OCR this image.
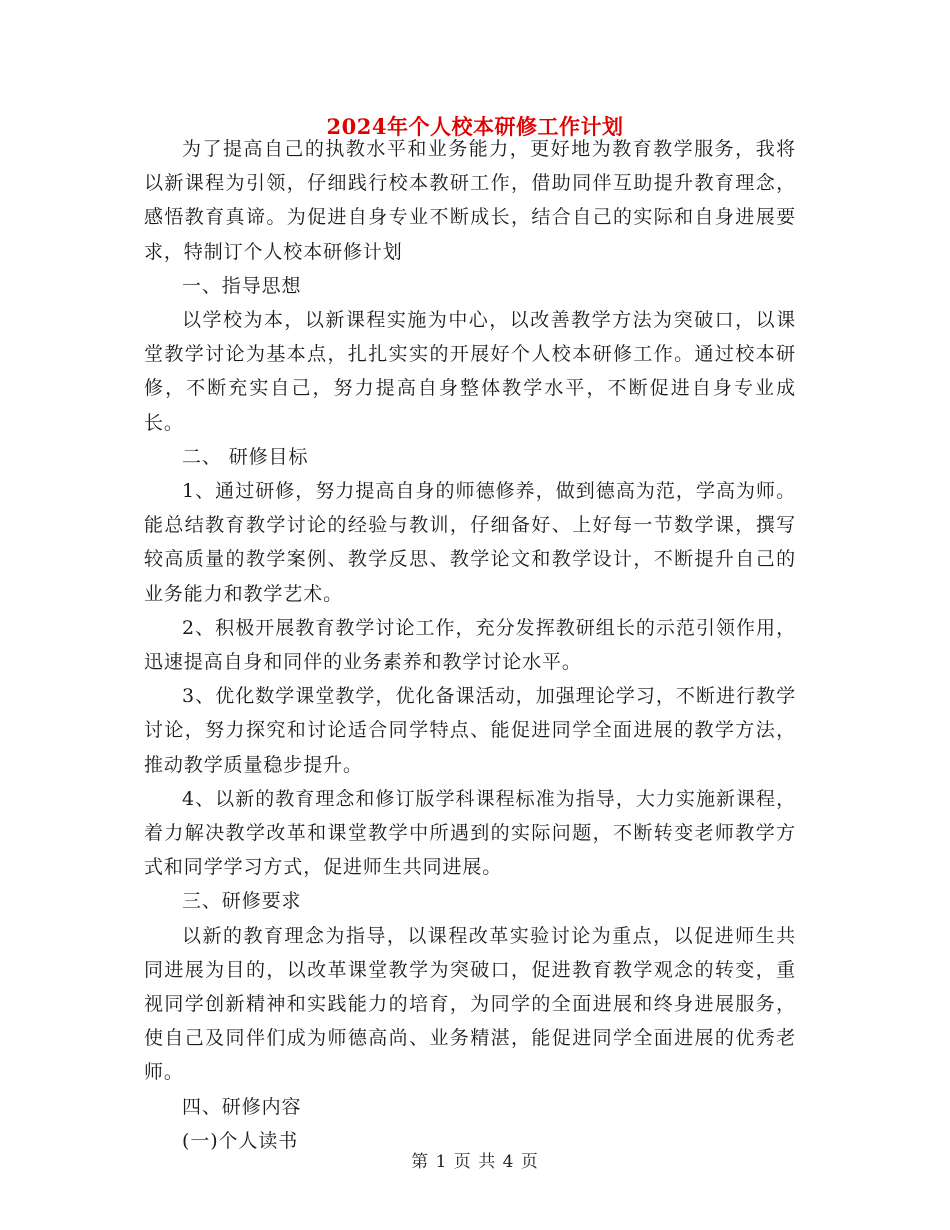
2024年个人校本研修工作计划

为了提高自己的执教水平和业务能力，更好地为教育教学服务，我将以新课程为引领，仔细践行校本教研工作，借助同伴互助提升教育理念，感悟教育真谛。为促进自身专业不断成长，结合自己的实际和自身进展要求，特制订个人校本研修计划

一、指导思想

以学校为本，以新课程实施为中心，以改善教学方法为突破口，以课堂教学讨论为基本点，扎扎实实的开展好个人校本研修工作。通过校本研修，不断充实自己，努力提高自身整体教学水平，不断促进自身专业成长。

二、 研修目标

1、通过研修，努力提高自身的师德修养，做到德高为范，学高为师。能总结教育教学讨论的经验与教训，仔细备好、上好每一节数学课，撰写较高质量的教学案例、教学反思、教学论文和教学设计，不断提升自己的业务能力和教学艺术。

2、积极开展教育教学讨论工作，充分发挥教研组长的示范引领作用，迅速提高自身和同伴的业务素养和教学讨论水平。

3、优化数学课堂教学，优化备课活动，加强理论学习，不断进行教学讨论，努力探究和讨论适合同学特点、能促进同学全面进展的教学方法，推动教学质量稳步提升。

4、以新的教育理念和修订版学科课程标准为指导，大力实施新课程，着力解决教学改革和课堂教学中所遇到的实际问题，不断转变老师教学方式和同学学习方式，促进师生共同进展。

三、研修要求

以新的教育理念为指导，以课程改革实验讨论为重点，以促进师生共同进展为目的，以改革课堂教学为突破口，促进教育教学观念的转变，重视同学创新精神和实践能力的培育，为同学的全面进展和终身进展服务，使自己及同伴们成为师德高尚、业务精湛，能促进同学全面进展的优秀老师。

四、研修内容

(一)个人读书

第 1 页 共 4 页
